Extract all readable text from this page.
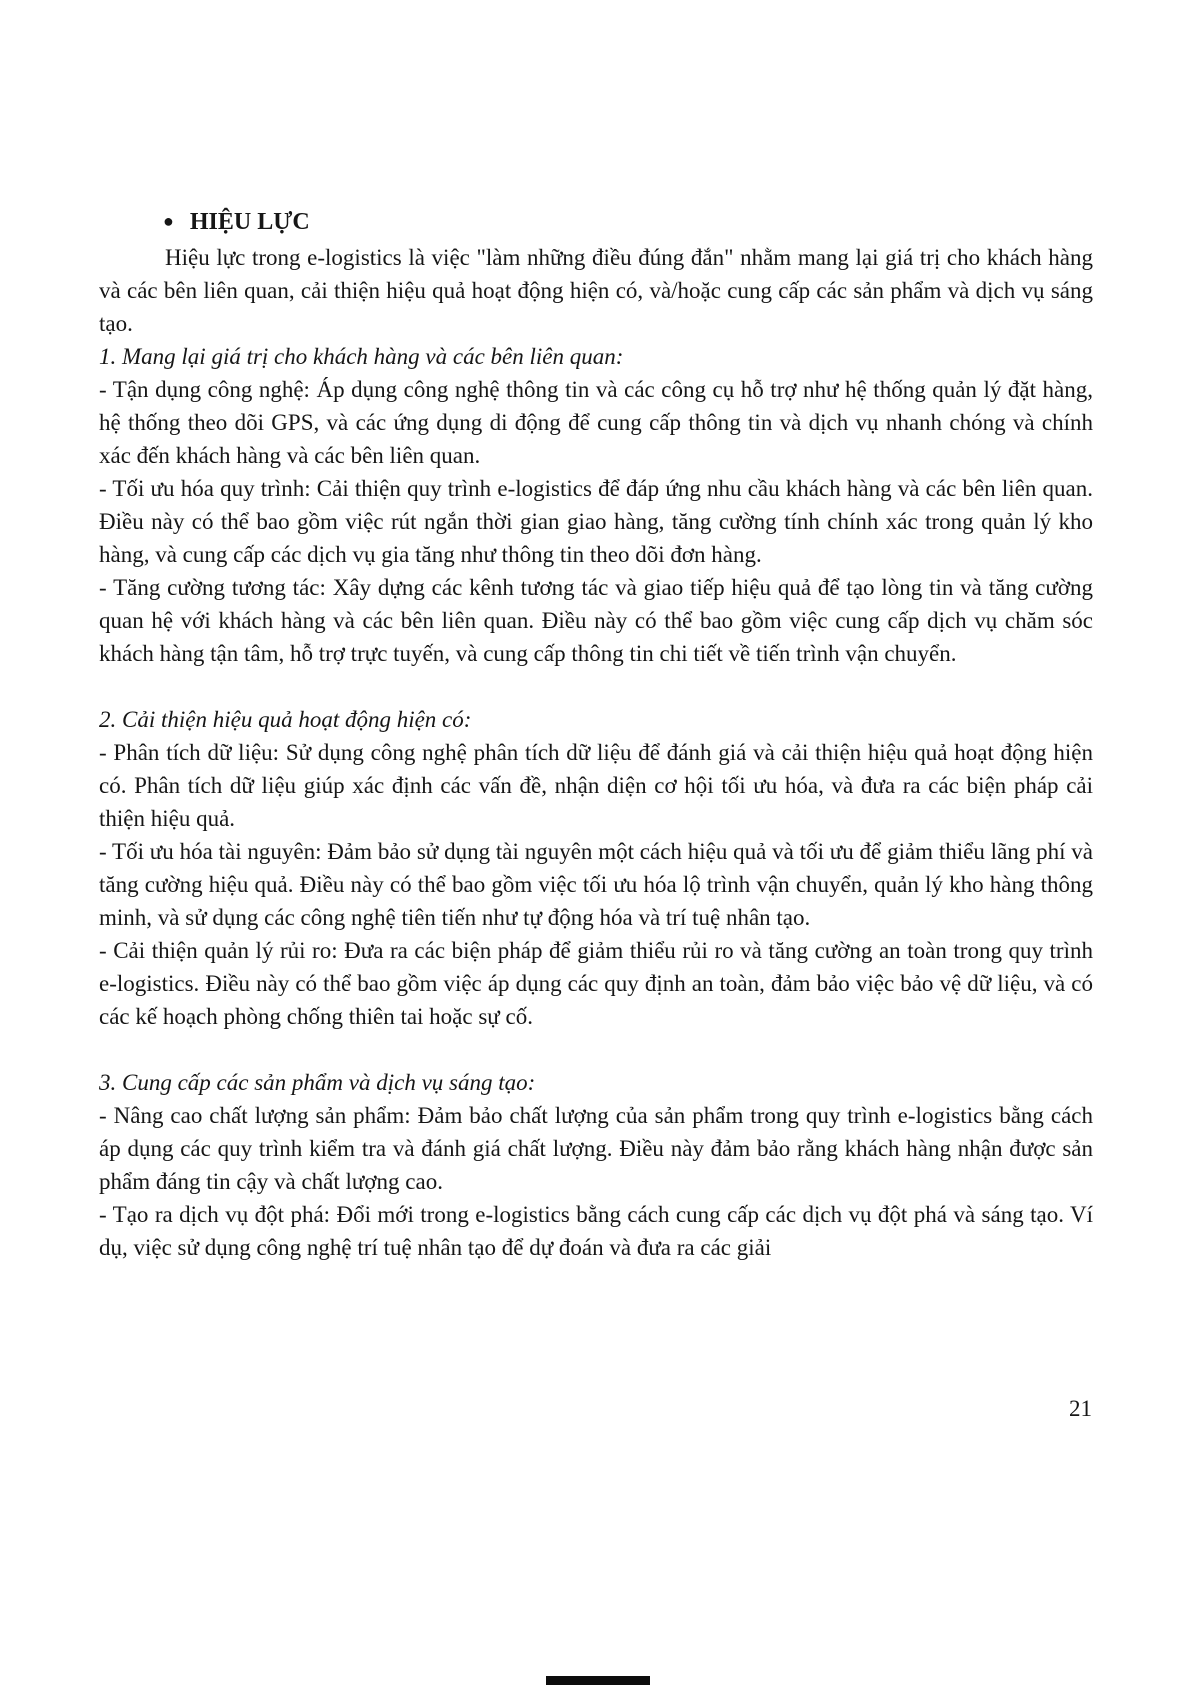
● HIỆU LỰC

Hiệu lực trong e-logistics là việc "làm những điều đúng đắn" nhằm mang lại giá trị cho khách hàng và các bên liên quan, cải thiện hiệu quả hoạt động hiện có, và/hoặc cung cấp các sản phẩm và dịch vụ sáng tạo.

1. Mang lại giá trị cho khách hàng và các bên liên quan:

- Tận dụng công nghệ: Áp dụng công nghệ thông tin và các công cụ hỗ trợ như hệ thống quản lý đặt hàng, hệ thống theo dõi GPS, và các ứng dụng di động để cung cấp thông tin và dịch vụ nhanh chóng và chính xác đến khách hàng và các bên liên quan.

- Tối ưu hóa quy trình: Cải thiện quy trình e-logistics để đáp ứng nhu cầu khách hàng và các bên liên quan. Điều này có thể bao gồm việc rút ngắn thời gian giao hàng, tăng cường tính chính xác trong quản lý kho hàng, và cung cấp các dịch vụ gia tăng như thông tin theo dõi đơn hàng.

- Tăng cường tương tác: Xây dựng các kênh tương tác và giao tiếp hiệu quả để tạo lòng tin và tăng cường quan hệ với khách hàng và các bên liên quan. Điều này có thể bao gồm việc cung cấp dịch vụ chăm sóc khách hàng tận tâm, hỗ trợ trực tuyến, và cung cấp thông tin chi tiết về tiến trình vận chuyển.

2. Cải thiện hiệu quả hoạt động hiện có:

- Phân tích dữ liệu: Sử dụng công nghệ phân tích dữ liệu để đánh giá và cải thiện hiệu quả hoạt động hiện có. Phân tích dữ liệu giúp xác định các vấn đề, nhận diện cơ hội tối ưu hóa, và đưa ra các biện pháp cải thiện hiệu quả.

- Tối ưu hóa tài nguyên: Đảm bảo sử dụng tài nguyên một cách hiệu quả và tối ưu để giảm thiểu lãng phí và tăng cường hiệu quả. Điều này có thể bao gồm việc tối ưu hóa lộ trình vận chuyển, quản lý kho hàng thông minh, và sử dụng các công nghệ tiên tiến như tự động hóa và trí tuệ nhân tạo.

- Cải thiện quản lý rủi ro: Đưa ra các biện pháp để giảm thiểu rủi ro và tăng cường an toàn trong quy trình e-logistics. Điều này có thể bao gồm việc áp dụng các quy định an toàn, đảm bảo việc bảo vệ dữ liệu, và có các kế hoạch phòng chống thiên tai hoặc sự cố.

3. Cung cấp các sản phẩm và dịch vụ sáng tạo:

- Nâng cao chất lượng sản phẩm: Đảm bảo chất lượng của sản phẩm trong quy trình e-logistics bằng cách áp dụng các quy trình kiểm tra và đánh giá chất lượng. Điều này đảm bảo rằng khách hàng nhận được sản phẩm đáng tin cậy và chất lượng cao.

- Tạo ra dịch vụ đột phá: Đổi mới trong e-logistics bằng cách cung cấp các dịch vụ đột phá và sáng tạo. Ví dụ, việc sử dụng công nghệ trí tuệ nhân tạo để dự đoán và đưa ra các giải

21
